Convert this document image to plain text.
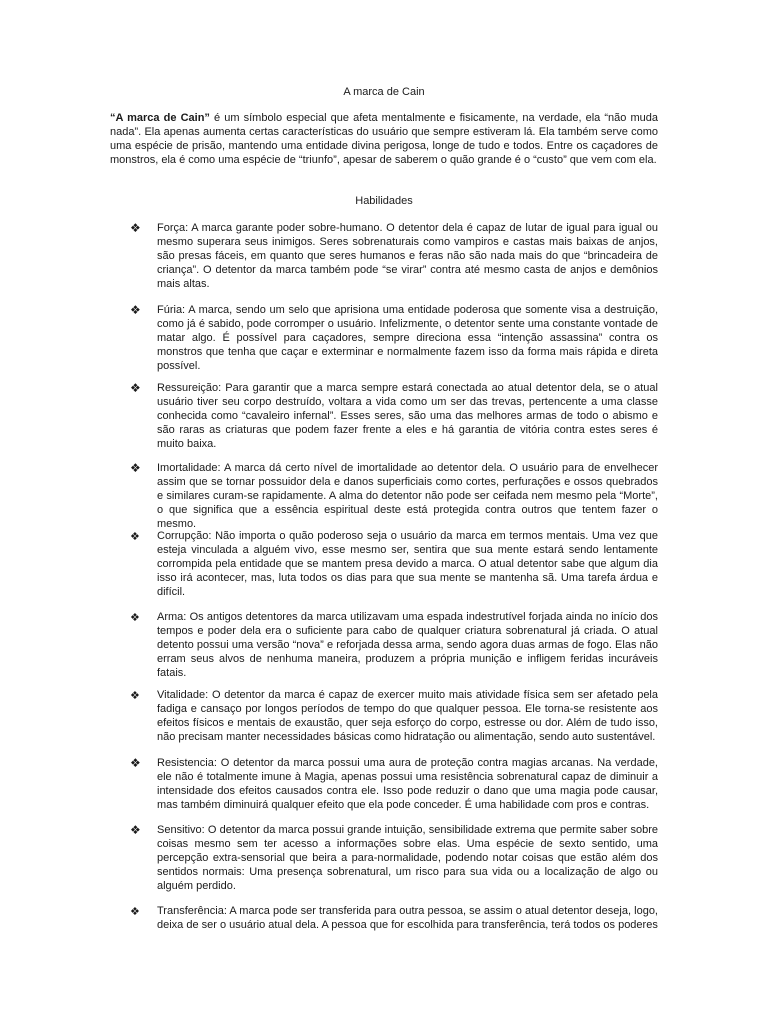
A marca de Cain
“A marca de Cain” é um símbolo especial que afeta mentalmente e fisicamente, na verdade, ela “não muda nada”. Ela apenas aumenta certas características do usuário que sempre estiveram lá. Ela também serve como uma espécie de prisão, mantendo uma entidade divina perigosa, longe de tudo e todos. Entre os caçadores de monstros, ela é como uma espécie de “triunfo”, apesar de saberem o quão grande é o “custo” que vem com ela.
Habilidades
❖	Força: A marca garante poder sobre-humano. O detentor dela é capaz de lutar de igual para igual ou mesmo superara seus inimigos. Seres sobrenaturais como vampiros e castas mais baixas de anjos, são presas fáceis, em quanto que seres humanos e feras não são nada mais do que “brincadeira de criança”. O detentor da marca também pode “se virar” contra até mesmo casta de anjos e demônios mais altas.
❖	Fúria: A marca, sendo um selo que aprisiona uma entidade poderosa que somente visa a destruição, como já é sabido, pode corromper o usuário. Infelizmente, o detentor sente uma constante vontade de matar algo. É possível para caçadores, sempre direciona essa “intenção assassina” contra os monstros que tenha que caçar e exterminar e normalmente fazem isso da forma mais rápida e direta possível.
❖	Ressureição: Para garantir que a marca sempre estará conectada ao atual detentor dela, se o atual usuário tiver seu corpo destruído, voltara a vida como um ser das trevas, pertencente a uma classe conhecida como “cavaleiro infernal”. Esses seres, são uma das melhores armas de todo o abismo e são raras as criaturas que podem fazer frente a eles e há garantia de vitória contra estes seres é muito baixa.
❖	Imortalidade: A marca dá certo nível de imortalidade ao detentor dela. O usuário para de envelhecer assim que se tornar possuidor dela e danos superficiais como cortes, perfurações e ossos quebrados e similares curam-se rapidamente. A alma do detentor não pode ser ceifada nem mesmo pela “Morte”, o que significa que a essência espiritual deste está protegida contra outros que tentem fazer o mesmo.
❖	Corrupção: Não importa o quão poderoso seja o usuário da marca em termos mentais. Uma vez que esteja vinculada a alguém vivo, esse mesmo ser, sentira que sua mente estará sendo lentamente corrompida pela entidade que se mantem presa devido a marca. O atual detentor sabe que algum dia isso irá acontecer, mas, luta todos os dias para que sua mente se mantenha sã. Uma tarefa árdua e difícil.
❖	Arma: Os antigos detentores da marca utilizavam uma espada indestrutível forjada ainda no início dos tempos e poder dela era o suficiente para cabo de qualquer criatura sobrenatural já criada. O atual detento possui uma versão “nova” e reforjada dessa arma, sendo agora duas armas de fogo. Elas não erram seus alvos de nenhuma maneira, produzem a própria munição e infligem feridas incuráveis fatais.
❖	Vitalidade: O detentor da marca é capaz de exercer muito mais atividade física sem ser afetado pela fadiga e cansaço por longos períodos de tempo do que qualquer pessoa. Ele torna-se resistente aos efeitos físicos e mentais de exaustão, quer seja esforço do corpo, estresse ou dor. Além de tudo isso, não precisam manter necessidades básicas como hidratação ou alimentação, sendo auto sustentável.
❖	Resistencia: O detentor da marca possui uma aura de proteção contra magias arcanas. Na verdade, ele não é totalmente imune à Magia, apenas possui uma resistência sobrenatural capaz de diminuir a intensidade dos efeitos causados contra ele. Isso pode reduzir o dano que uma magia pode causar, mas também diminuirá qualquer efeito que ela pode conceder. É uma habilidade com pros e contras.
❖	Sensitivo: O detentor da marca possui grande intuição, sensibilidade extrema que permite saber sobre coisas mesmo sem ter acesso a informações sobre elas. Uma espécie de sexto sentido, uma percepção extra-sensorial que beira a para-normalidade, podendo notar coisas que estão além dos sentidos normais: Uma presença sobrenatural, um risco para sua vida ou a localização de algo ou alguém perdido.
❖	Transferência: A marca pode ser transferida para outra pessoa, se assim o atual detentor deseja, logo, deixa de ser o usuário atual dela. A pessoa que for escolhida para transferência, terá todos os poderes
